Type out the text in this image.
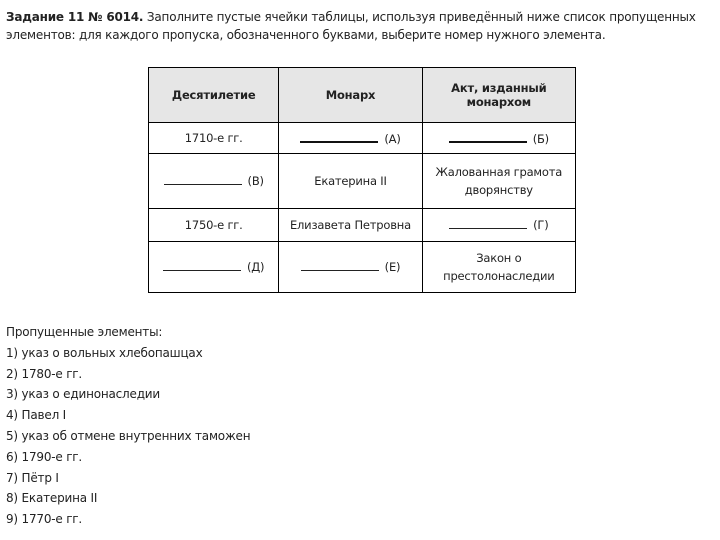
Задание 11 № 6014. Заполните пустые ячейки таблицы, используя приведённый ниже список пропущенных элементов: для каждого пропуска, обозначенного буквами, выберите номер нужного элемента.
Десятилетие	Монарх	Акт, изданный монархом
1710-е гг.	(А)	(Б)
(В)	Екатерина II	Жалованная грамота дворянству
1750-е гг.	Елизавета Петровна	(Г)
(Д)	(Е)	Закон о престолонаследии
Пропущенные элементы:
1) указ о вольных хлебопашцах
2) 1780-е гг.
3) указ о единонаследии
4) Павел I
5) указ об отмене внутренних таможен
6) 1790-е гг.
7) Пётр I
8) Екатерина II
9) 1770-е гг.
